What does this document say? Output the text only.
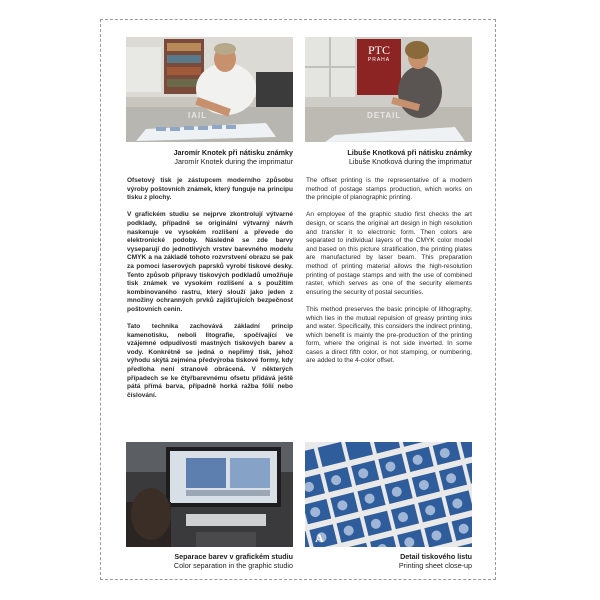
IAIL
Jaromír Knotek při nátisku známky
Jaromír Knotek during the imprimatur
PTC
PRAHA
DETAIL
Libuše Knotková při nátisku známky
Libuše Knotková during the imprimatur

Ofsetový tisk je zástupcem moderního způsobu výroby poštovních známek, který funguje na principu tisku z plochy.

V grafickém studiu se nejprve zkontrolují výtvarné podklady, případně se originální výtvarný návrh naskenuje ve vysokém rozlišení a převede do elektronické podoby. Následně se zde barvy vyseparují do jednotlivých vrstev barevného modelu CMYK a na základě tohoto rozvrstvení obrazu se pak za pomoci laserových paprsků vyrobí tiskové desky. Tento způsob přípravy tiskových podkladů umožňuje tisk známek ve vysokém rozlišení a s použitím kombinovaného rastru, který slouží jako jeden z množiny ochranných prvků zajišťujících bezpečnost poštovních cenin.

Tato technika zachovává základní princip kamenotisku, neboli litografie, spočívající ve vzájemné odpudivosti mastných tiskových barev a vody. Konkrétně se jedná o nepřímý tisk, jehož výhodu skýtá zejména předvýroba tiskové formy, kdy předloha není stranově obrácená. V některých případech se ke čtyřbarevnému ofsetu přidává ještě pátá přímá barva, případně horká ražba fólií nebo číslování.

The offset printing is the representative of a modern method of postage stamps production, which works on the principle of planographic printing.

An employee of the graphic studio first checks the art design, or scans the original art design in high resolution and transfer it to electronic form. Then colors are separated to individual layers of the CMYK color model and based on this picture stratification, the printing plates are manufactured by laser beam. This preparation method of printing material allows the high-resolution printing of postage stamps and with the use of combined raster, which serves as one of the security elements ensuring the security of postal securities.

This method preserves the basic principle of lithography, which lies in the mutual repulsion of greasy printing inks and water. Specifically, this considers the indirect printing, which benefit is mainly the pre-production of the printing form, where the original is not side inverted. In some cases a direct fifth color, or hot stamping, or numbering, are added to the 4-color offset.

Separace barev v grafickém studiu
Color separation in the graphic studio
A
Detail tiskového listu
Printing sheet close-up
